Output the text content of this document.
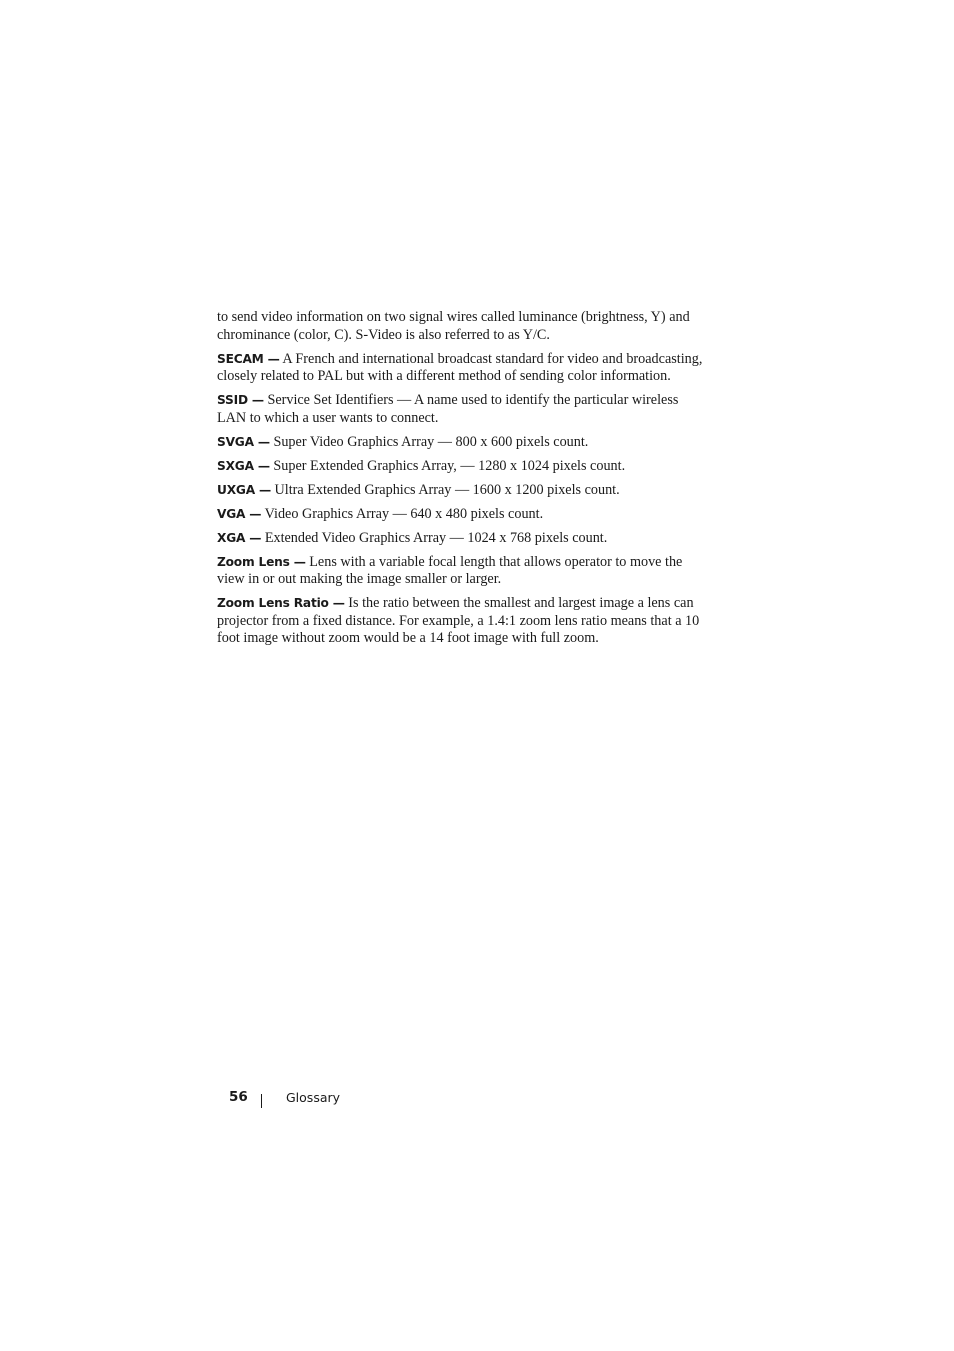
to send video information on two signal wires called luminance (brightness, Y) and chrominance (color, C). S-Video is also referred to as Y/C.

SECAM — A French and international broadcast standard for video and broadcasting, closely related to PAL but with a different method of sending color information.

SSID — Service Set Identifiers — A name used to identify the particular wireless LAN to which a user wants to connect.

SVGA — Super Video Graphics Array — 800 x 600 pixels count.

SXGA — Super Extended Graphics Array, — 1280 x 1024 pixels count.

UXGA — Ultra Extended Graphics Array — 1600 x 1200 pixels count.

VGA — Video Graphics Array — 640 x 480 pixels count.

XGA — Extended Video Graphics Array — 1024 x 768 pixels count.

Zoom Lens — Lens with a variable focal length that allows operator to move the view in or out making the image smaller or larger.

Zoom Lens Ratio — Is the ratio between the smallest and largest image a lens can projector from a fixed distance. For example, a 1.4:1 zoom lens ratio means that a 10 foot image without zoom would be a 14 foot image with full zoom.

56	Glossary
